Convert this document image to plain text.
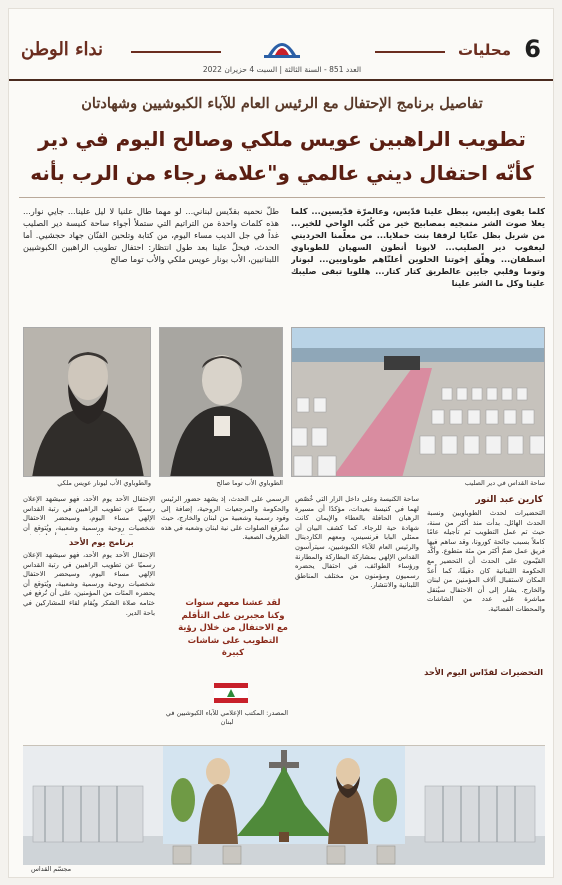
6
محليات
نداء الوطن
العدد 851 - السنة الثالثة | السبت 4 حزيران 2022
تفاصيل برنامج الإحتفال مع الرئيس العام للآباء الكبوشيين وشهادتان
تطويب الراهبين عويس ملكي وصالح اليوم في دير
كأنّه احتفال ديني عالمي و"علامة رجاء من الرب بأنه
كلما يقوى إبليس، يبطل علينا قدّيس، وعالمرّة قدّيسين... كلما يعلا صوت الشر منمجيه بمصابيح خير من كُتُب الواحي للخير... من شربل بظل عنّايا لرفقا بنت حملايا... من معلّمنا الحرديني ليعقوب دير الصليب... لابونا أنطون السهيان للطوباوي اسطفان... وهلّق إخوتنا الحلوين أعلنّاهم طوباويين... لبونار وتوما وقلبي جايين عالطريق كتار كتار... هللويا تبقى صليبك علينا وكل ما الشر علينا
طلّ نحميه بقدّيس لبناني... لو مهما طال علنيا لا ليل علينا... جايي نوار... هذه كلمات واحدة من التراتيم التي ستملأ أجواء ساحة كنيسة دير الصليب غداً في جل الديب مساء اليوم، من كتابة وتلحين الفنّان جهاد حجشيي. أما الحدث، فيحلّ علينا بعد طول انتظار: احتفال تطويب الراهبين الكبوشيين اللبنانيين، الأب بونار عويس ملكي والأب توما صالح
ساحة القداس في دير الصليب
الطوباوي الأب توما صالح
والطوباوي الأب ليونار عويس ملكي
كارين عبد النور
التحضيرات لحدث الطوباويين ونسبة الحدث الهائل. بدأت منذ أكثر من سنة، حيث تم عمل التطويب ثم تأجيله عامًا كاملاً بسبب جائحة كورونا، وقد ساهم فيها فريق عمل ضمّ أكثر من مئة متطوع. وأكّد القيّمون على الحدث أن التحضير مع الحكومة اللبنانية كان دقيقًا، كما أُعدّ المكان لاستقبال آلاف المؤمنين من لبنان والخارج. يشار إلى أن الاحتفال سيُنقل مباشرة على عدد من الشاشات والمحطات الفضائية.
التحضيرات لقدّاس اليوم الأحد
ساحة الكنيسة وعلى داخل الزار التي خُصّص لهما في كنيسة بعبدات، مؤكدًا أن مسيرة الرهبان الحافلة بالعطاء والإيمان كانت شهادة حية للرجاء. كما كشف البيان أن ممثلي البابا فرنسيس، ومعهم الكاردينال والرئيس العام للآباء الكبوشيين، سيترأسون القداس الإلهي بمشاركة البطاركة والمطارنة ورؤساء الطوائف، في احتفال يحضره رسميون ومؤمنون من مختلف المناطق اللبنانية والانتشار.
الرسمي على الحدث، إذ يشهد حضور الرئيس والحكومة والمرجعيات الروحية، إضافة إلى وفود رسمية وشعبية من لبنان والخارج، حيث ستُرفع الصلوات على نية لبنان وشعبه في هذه الظروف الصعبة.
لقد عشنا معهم سنوات وكنا مجبرين على التأقلم مع الاحتفال من خلال رؤية التطويب على شاشات كبيرة
المصدر: المكتب الإعلامي للآباء الكبوشيين في لبنان
برنامج يوم الأحد
الإحتفال الأحد يوم الأحد، فهو سيشهد الإعلان رسميًا عن تطويب الراهبين في رتبة القداس الإلهي مساء اليوم، وسيحضر الاحتفال شخصيات روحية ورسمية وشعبية، ويُتوقع أن
الإحتفال الأحد يوم الأحد، فهو سيشهد الإعلان رسميًا عن تطويب الراهبين في رتبة القداس الإلهي مساء اليوم، وسيحضر الاحتفال شخصيات روحية ورسمية وشعبية، ويُتوقع أن يحضره المئات من المؤمنين، على أن تُرفع في ختامه صلاة الشكر ويُقام لقاء للمشاركين في باحة الدير.
مجسّم القداس
